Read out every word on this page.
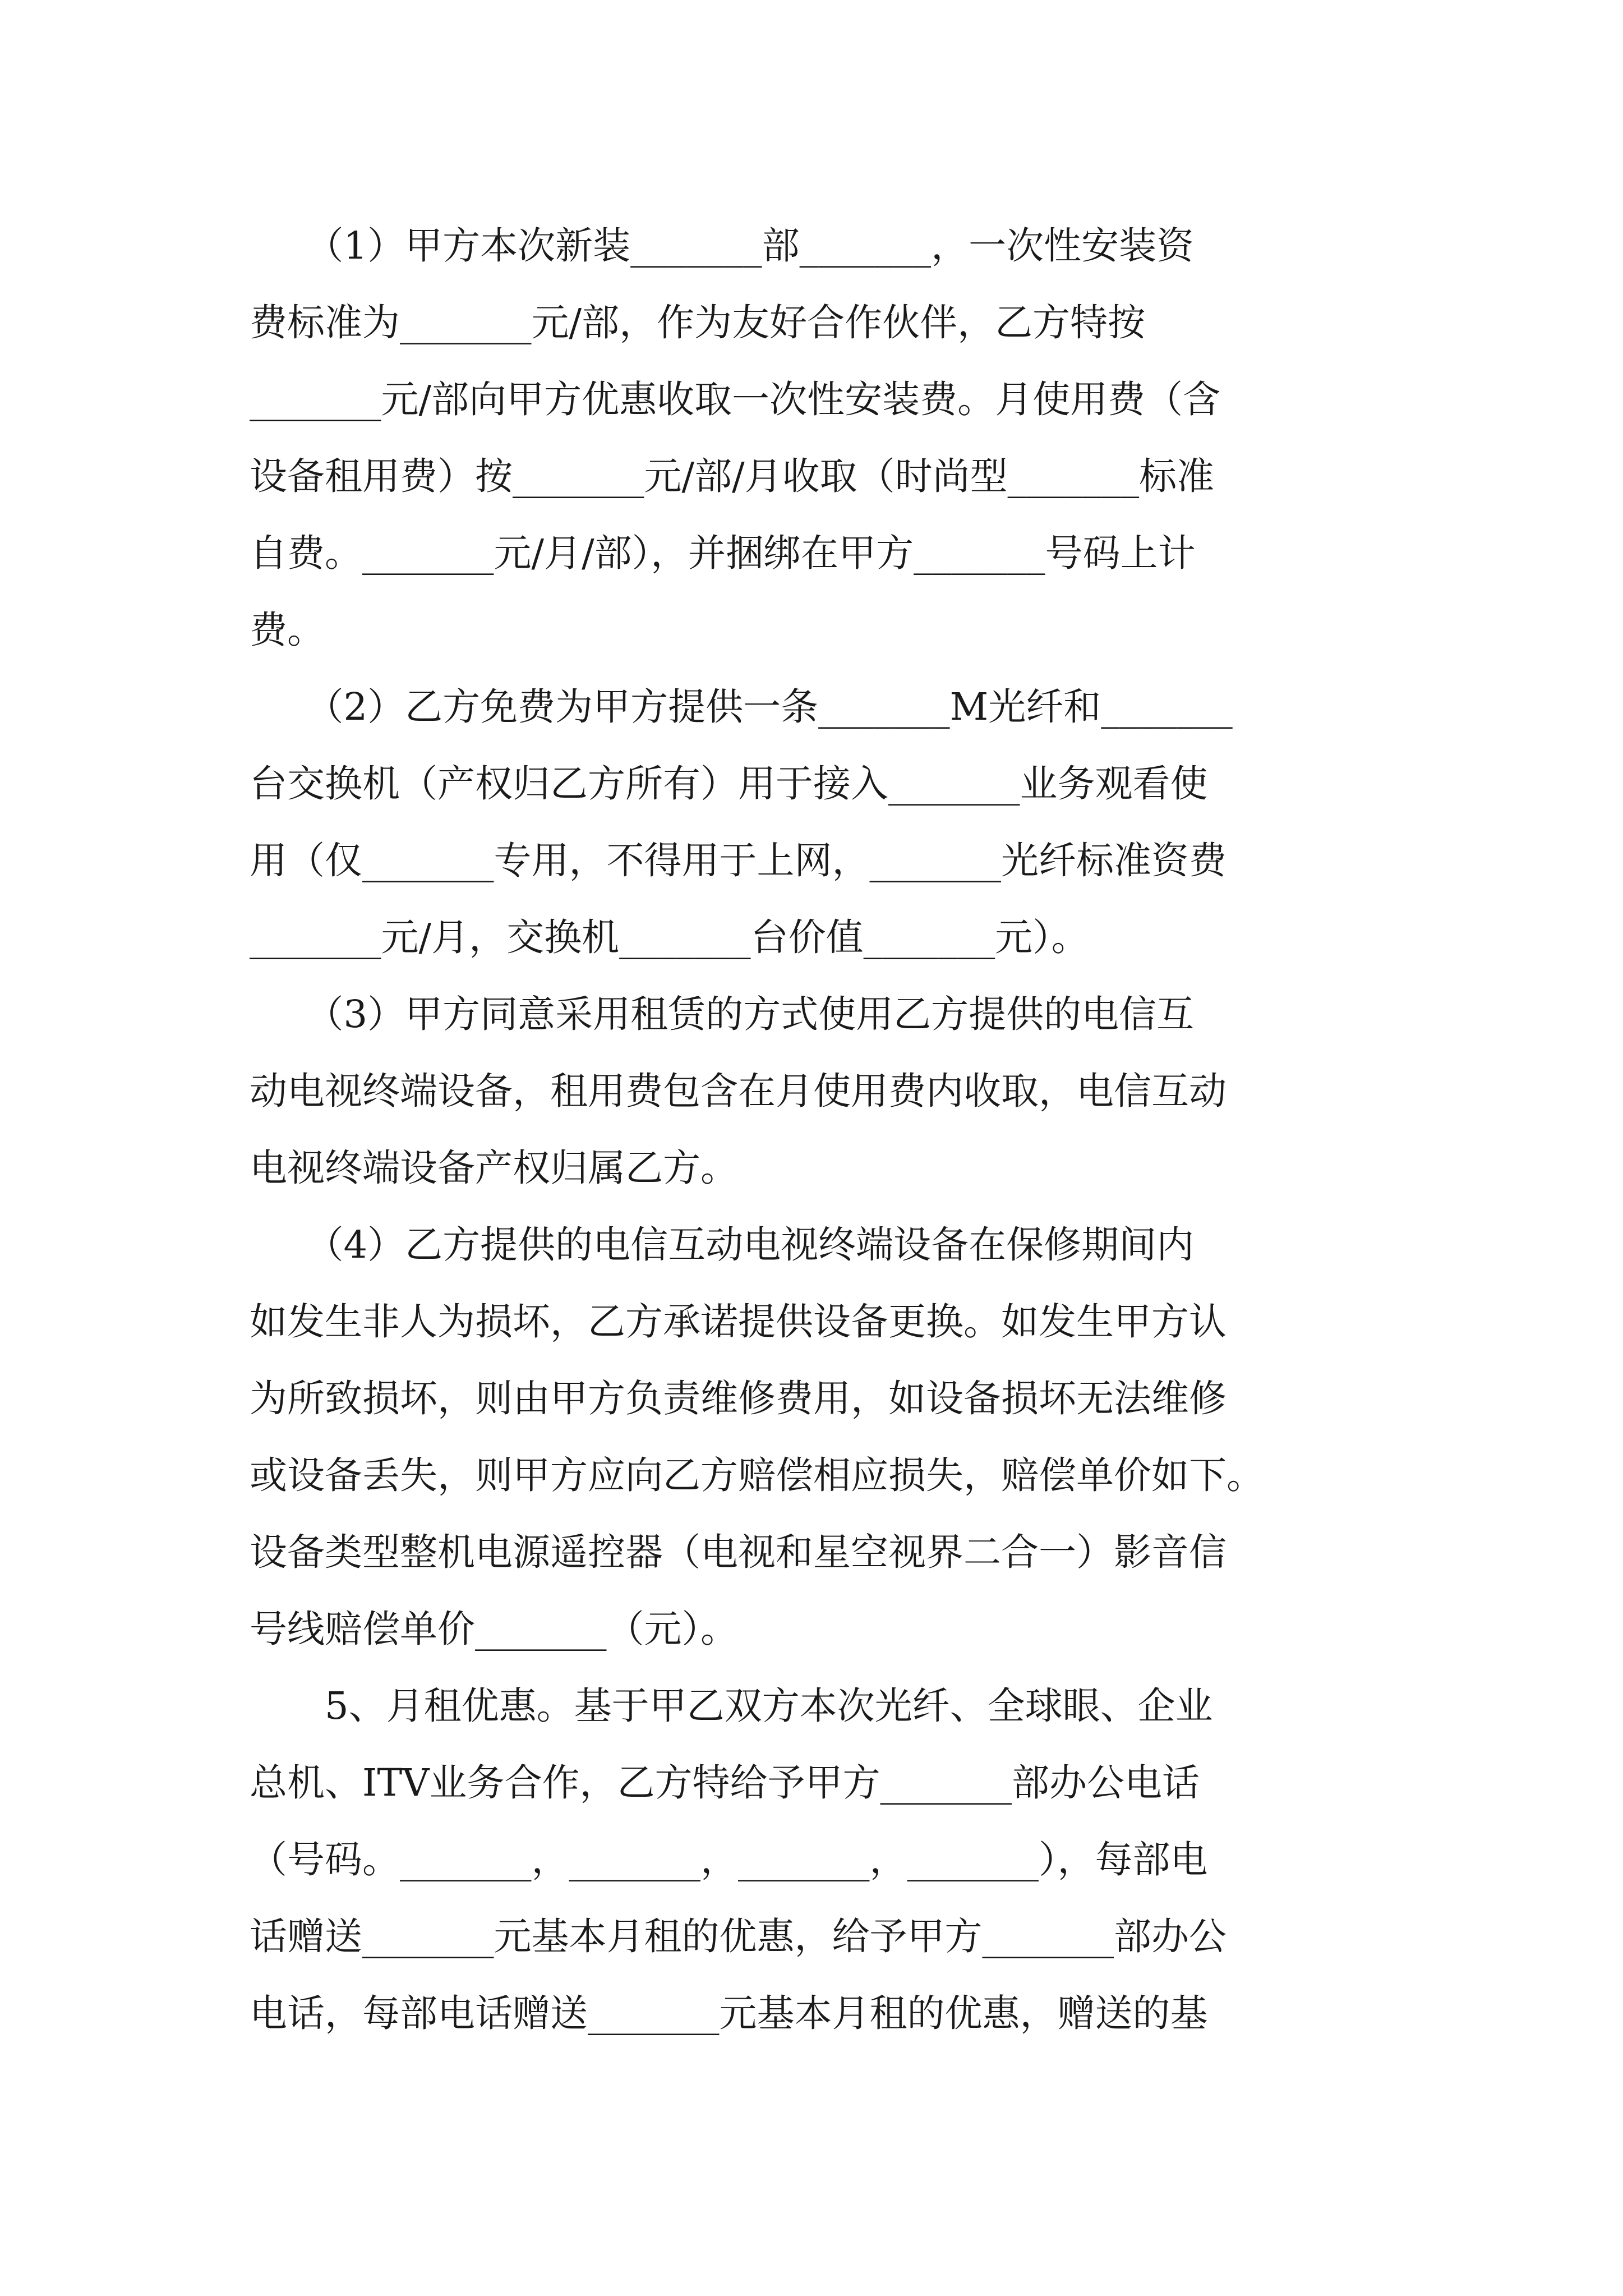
　　（1）甲方本次新装_______部_______，一次性安装资
费标准为_______元/部，作为友好合作伙伴，乙方特按
_______元/部向甲方优惠收取一次性安装费。月使用费（含
设备租用费）按_______元/部/月收取（时尚型_______标准
自费。_______元/月/部），并捆绑在甲方_______号码上计
费。
　　（2）乙方免费为甲方提供一条_______M光纤和_______
台交换机（产权归乙方所有）用于接入_______业务观看使
用（仅_______专用，不得用于上网，_______光纤标准资费
_______元/月，交换机_______台价值_______元）。
　　（3）甲方同意采用租赁的方式使用乙方提供的电信互
动电视终端设备，租用费包含在月使用费内收取，电信互动
电视终端设备产权归属乙方。
　　（4）乙方提供的电信互动电视终端设备在保修期间内
如发生非人为损坏，乙方承诺提供设备更换。如发生甲方认
为所致损坏，则由甲方负责维修费用，如设备损坏无法维修
或设备丢失，则甲方应向乙方赔偿相应损失，赔偿单价如下。
设备类型整机电源遥控器（电视和星空视界二合一）影音信
号线赔偿单价_______（元）。
　　5、月租优惠。基于甲乙双方本次光纤、全球眼、企业
总机、ITV业务合作，乙方特给予甲方_______部办公电话
（号码。_______，_______，_______，_______），每部电
话赠送_______元基本月租的优惠，给予甲方_______部办公
电话，每部电话赠送_______元基本月租的优惠，赠送的基
